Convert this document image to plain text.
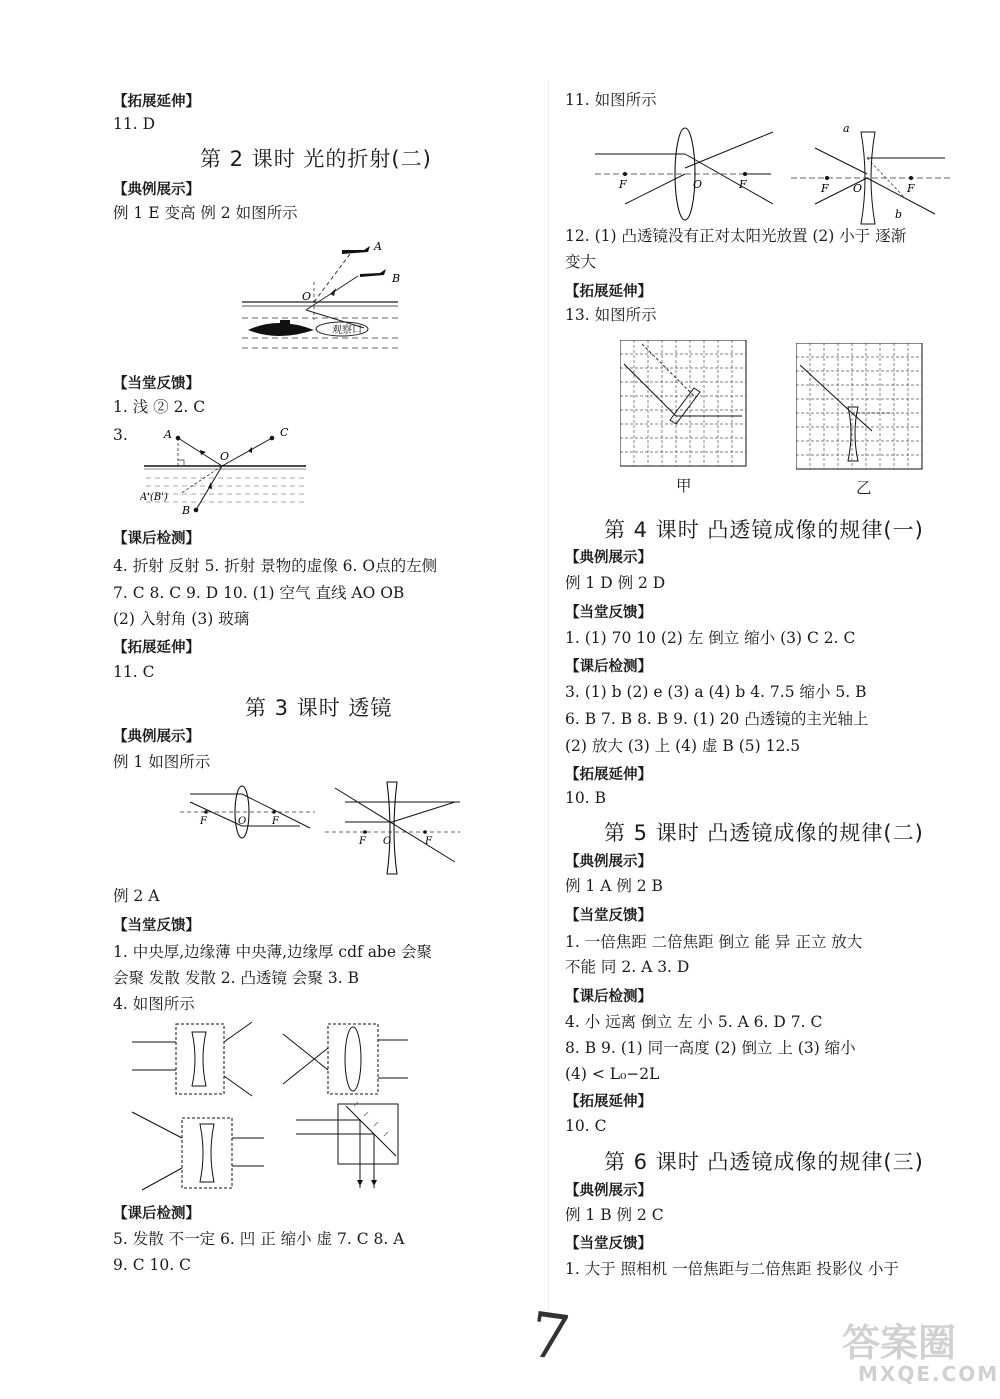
【拓展延伸】
11. D
第 2 课时 光的折射(二)
【典例展示】
例 1 E 变高 例 2 如图所示
观察口
A
B
O
【当堂反馈】
1. 浅 ② 2. C
3.	A	C
O
A'(B')
B
【课后检测】
4. 折射 反射 5. 折射 景物的虚像 6. O点的左侧
7. C 8. C 9. D 10. (1) 空气 直线 AO OB
(2) 入射角 (3) 玻璃
【拓展延伸】
11. C
第 3 课时 透镜
【典例展示】
例 1 如图所示
F	O	F
F O	F
例 2 A
【当堂反馈】
1. 中央厚,边缘薄 中央薄,边缘厚 cdf abe 会聚
会聚 发散 发散 2. 凸透镜 会聚 3. B
4. 如图所示
【课后检测】
5. 发散 不一定 6. 凹 正 缩小 虚 7. C 8. A
9. C 10. C
11. 如图所示
F	O	F
a
b
F O	F
12. (1) 凸透镜没有正对太阳光放置 (2) 小于 逐渐
变大
【拓展延伸】
13. 如图所示
甲	乙
第 4 课时 凸透镜成像的规律(一)
【典例展示】
例 1 D 例 2 D
【当堂反馈】
1. (1) 70 10 (2) 左 倒立 缩小 (3) C 2. C
【课后检测】
3. (1) b (2) e (3) a (4) b 4. 7.5 缩小 5. B
6. B 7. B 8. B 9. (1) 20 凸透镜的主光轴上
(2) 放大 (3) 上 (4) 虚 B (5) 12.5
【拓展延伸】
10. B
第 5 课时 凸透镜成像的规律(二)
【典例展示】
例 1 A 例 2 B
【当堂反馈】
1. 一倍焦距 二倍焦距 倒立 能 异 正立 放大
不能 同 2. A 3. D
【课后检测】
4. 小 远离 倒立 左 小 5. A 6. D 7. C
8. B 9. (1) 同一高度 (2) 倒立 上 (3) 缩小
(4) < L₀−2L
【拓展延伸】
10. C
第 6 课时 凸透镜成像的规律(三)
【典例展示】
例 1 B 例 2 C
【当堂反馈】
1. 大于 照相机 一倍焦距与二倍焦距 投影仪 小于
7	答案圈
MXQE.COM
